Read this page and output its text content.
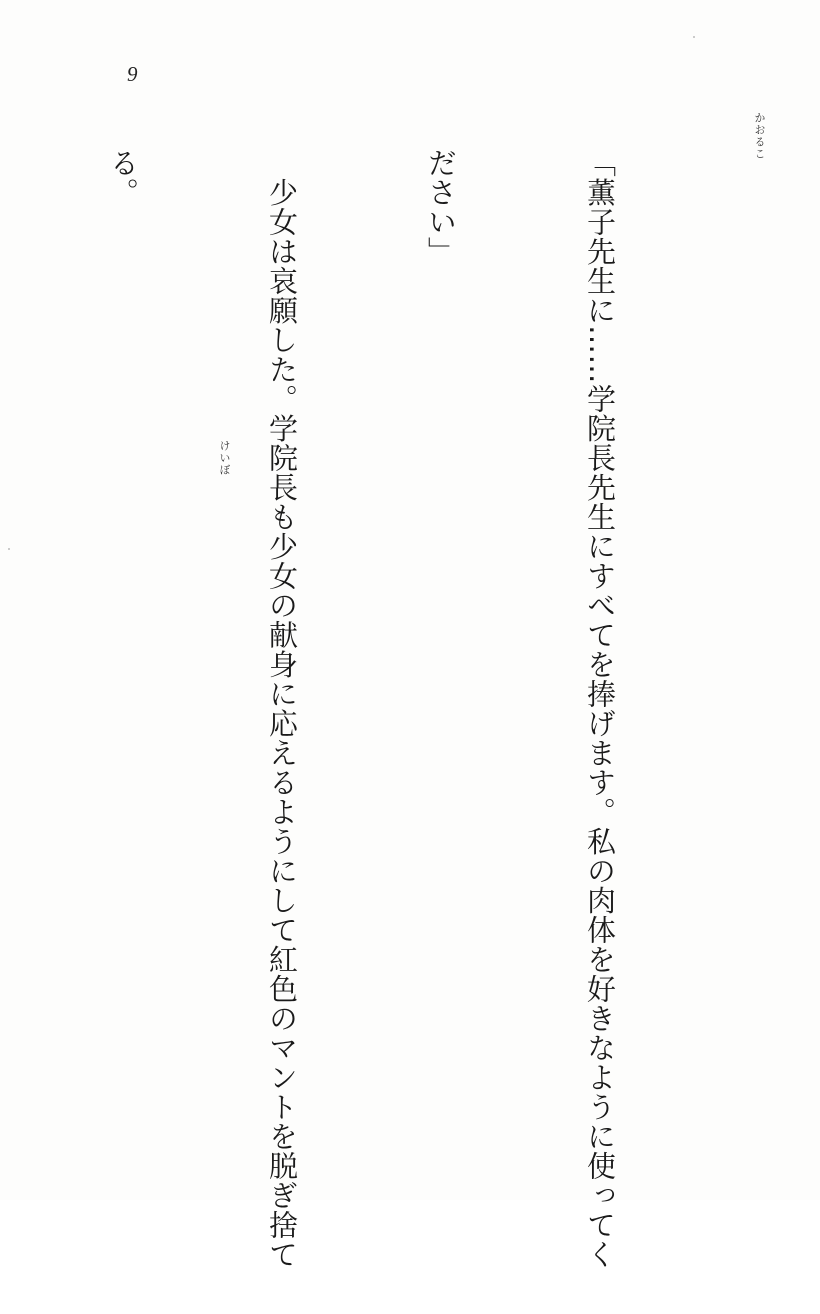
9
かおるこ
けいぼ

	「薫子先生に……学院長先生にすべてを捧げます。私の肉体を好きなように使ってく

ださい」

　少女は哀願した。学院長も少女の献身に応えるようにして紅色のマントを脱ぎ捨て

る。
